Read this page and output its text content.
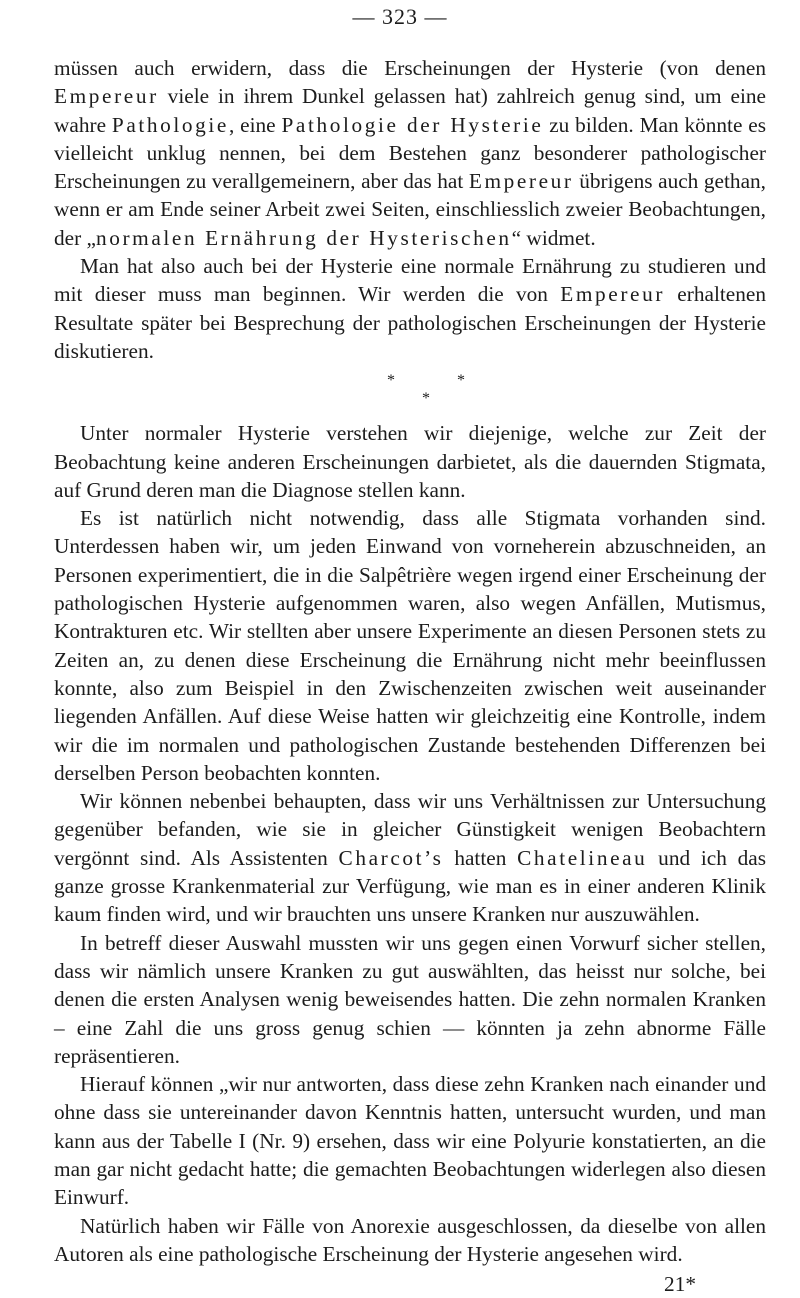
— 323 —

müssen auch erwidern, dass die Erscheinungen der Hysterie (von denen Empereur viele in ihrem Dunkel gelassen hat) zahlreich genug sind, um eine wahre Pathologie, eine Pathologie der Hysterie zu bilden. Man könnte es vielleicht unklug nennen, bei dem Bestehen ganz besonderer pathologischer Erscheinungen zu verallgemeinern, aber das hat Empereur übrigens auch gethan, wenn er am Ende seiner Arbeit zwei Seiten, einschliesslich zweier Beobachtungen, der „normalen Ernährung der Hysterischen“ widmet.

Man hat also auch bei der Hysterie eine normale Ernährung zu studieren und mit dieser muss man beginnen. Wir werden die von Empereur erhaltenen Resultate später bei Besprechung der pathologischen Erscheinungen der Hysterie diskutieren.

*	*
*

Unter normaler Hysterie verstehen wir diejenige, welche zur Zeit der Beobachtung keine anderen Erscheinungen darbietet, als die dauernden Stigmata, auf Grund deren man die Diagnose stellen kann.

Es ist natürlich nicht notwendig, dass alle Stigmata vorhanden sind. Unterdessen haben wir, um jeden Einwand von vorneherein abzuschneiden, an Personen experimentiert, die in die Salpêtrière wegen irgend einer Erscheinung der pathologischen Hysterie aufgenommen waren, also wegen Anfällen, Mutismus, Kontrakturen etc. Wir stellten aber unsere Experimente an diesen Personen stets zu Zeiten an, zu denen diese Erscheinung die Ernährung nicht mehr beeinflussen konnte, also zum Beispiel in den Zwischenzeiten zwischen weit auseinander liegenden Anfällen. Auf diese Weise hatten wir gleichzeitig eine Kontrolle, indem wir die im normalen und pathologischen Zustande bestehenden Differenzen bei derselben Person beobachten konnten.

Wir können nebenbei behaupten, dass wir uns Verhältnissen zur Untersuchung gegenüber befanden, wie sie in gleicher Günstigkeit wenigen Beobachtern vergönnt sind. Als Assistenten Charcot’s hatten Chatelineau und ich das ganze grosse Krankenmaterial zur Verfügung, wie man es in einer anderen Klinik kaum finden wird, und wir brauchten uns unsere Kranken nur auszuwählen.

In betreff dieser Auswahl mussten wir uns gegen einen Vorwurf sicher stellen, dass wir nämlich unsere Kranken zu gut auswählten, das heisst nur solche, bei denen die ersten Analysen wenig beweisendes hatten. Die zehn normalen Kranken – eine Zahl die uns gross genug schien — könnten ja zehn abnorme Fälle repräsentieren.

Hierauf können „wir nur antworten, dass diese zehn Kranken nach einander und ohne dass sie untereinander davon Kenntnis hatten, untersucht wurden, und man kann aus der Tabelle I (Nr. 9) ersehen, dass wir eine Polyurie konstatierten, an die man gar nicht gedacht hatte; die gemachten Beobachtungen widerlegen also diesen Einwurf.

Natürlich haben wir Fälle von Anorexie ausgeschlossen, da dieselbe von allen Autoren als eine pathologische Erscheinung der Hysterie angesehen wird.

21*
